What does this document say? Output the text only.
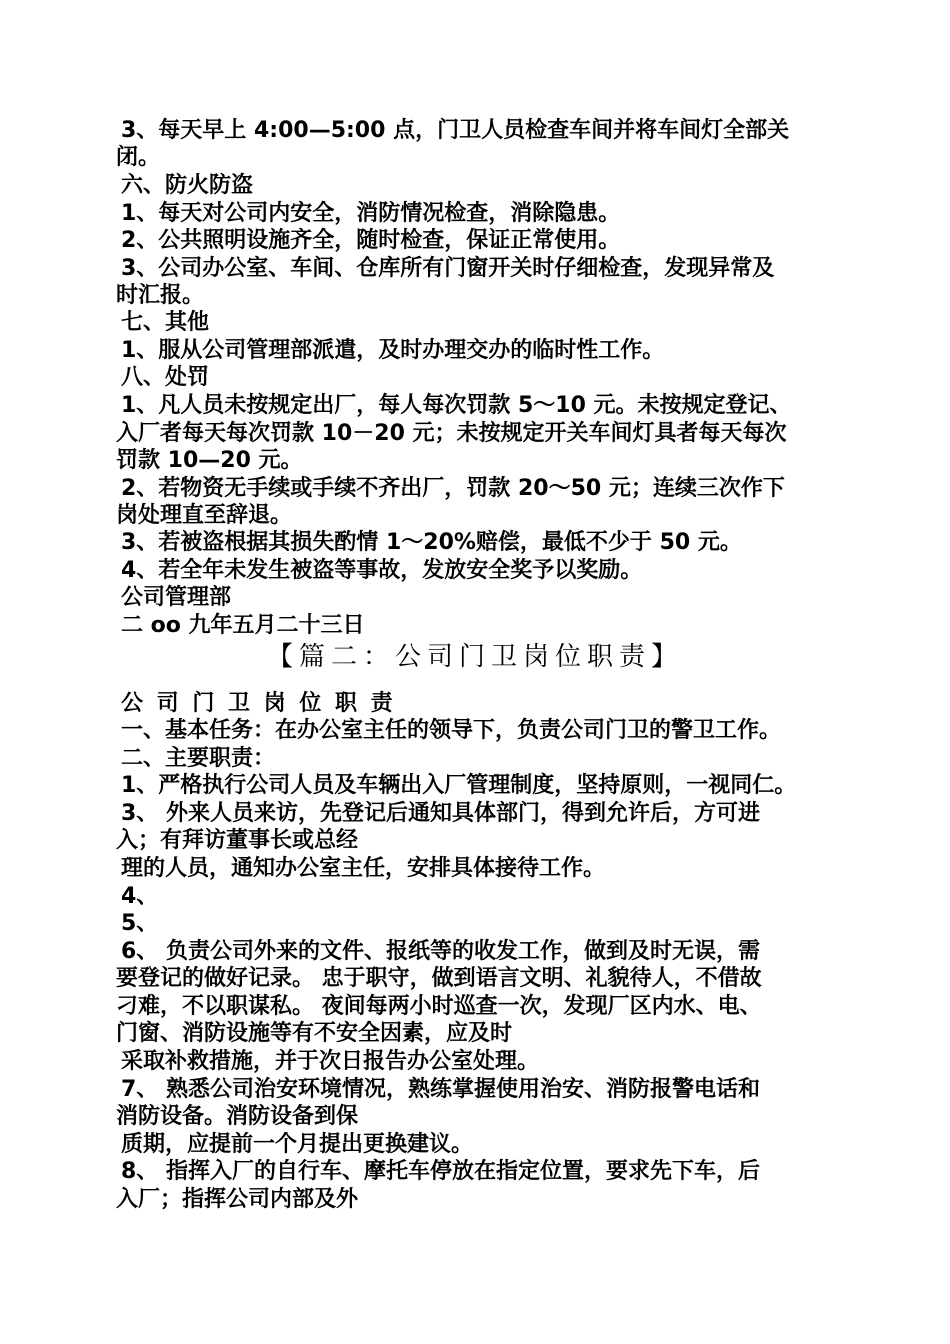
3、每天早上 4:00—5:00 点，门卫人员检查车间并将车间灯全部关
闭。
六、防火防盗
1、每天对公司内安全，消防情况检查，消除隐患。
2、公共照明设施齐全，随时检查，保证正常使用。
3、公司办公室、车间、仓库所有门窗开关时仔细检查，发现异常及
时汇报。
七、其他
1、服从公司管理部派遣，及时办理交办的临时性工作。
八、处罚
1、凡人员未按规定出厂，每人每次罚款 5～10 元。未按规定登记、
入厂者每天每次罚款 10－20 元；未按规定开关车间灯具者每天每次
罚款 10—20 元。
2、若物资无手续或手续不齐出厂，罚款 20～50 元；连续三次作下
岗处理直至辞退。
3、若被盗根据其损失酌情 1～20%赔偿，最低不少于 50 元。
4、若全年未发生被盗等事故，发放安全奖予以奖励。
公司管理部
二 oo 九年五月二十三日
【篇二：公司门卫岗位职责】
公 司 门 卫 岗 位 职 责
一、基本任务：在办公室主任的领导下，负责公司门卫的警卫工作。
二、主要职责：
1、严格执行公司人员及车辆出入厂管理制度，坚持原则，一视同仁。
3、 外来人员来访，先登记后通知具体部门，得到允许后，方可进
入；有拜访董事长或总经
理的人员，通知办公室主任，安排具体接待工作。
4、
5、
6、 负责公司外来的文件、报纸等的收发工作，做到及时无误，需
要登记的做好记录。 忠于职守，做到语言文明、礼貌待人，不借故
刁难，不以职谋私。 夜间每两小时巡查一次，发现厂区内水、电、
门窗、消防设施等有不安全因素，应及时
采取补救措施，并于次日报告办公室处理。
7、 熟悉公司治安环境情况，熟练掌握使用治安、消防报警电话和
消防设备。消防设备到保
质期，应提前一个月提出更换建议。
8、 指挥入厂的自行车、摩托车停放在指定位置，要求先下车，后
入厂；指挥公司内部及外
